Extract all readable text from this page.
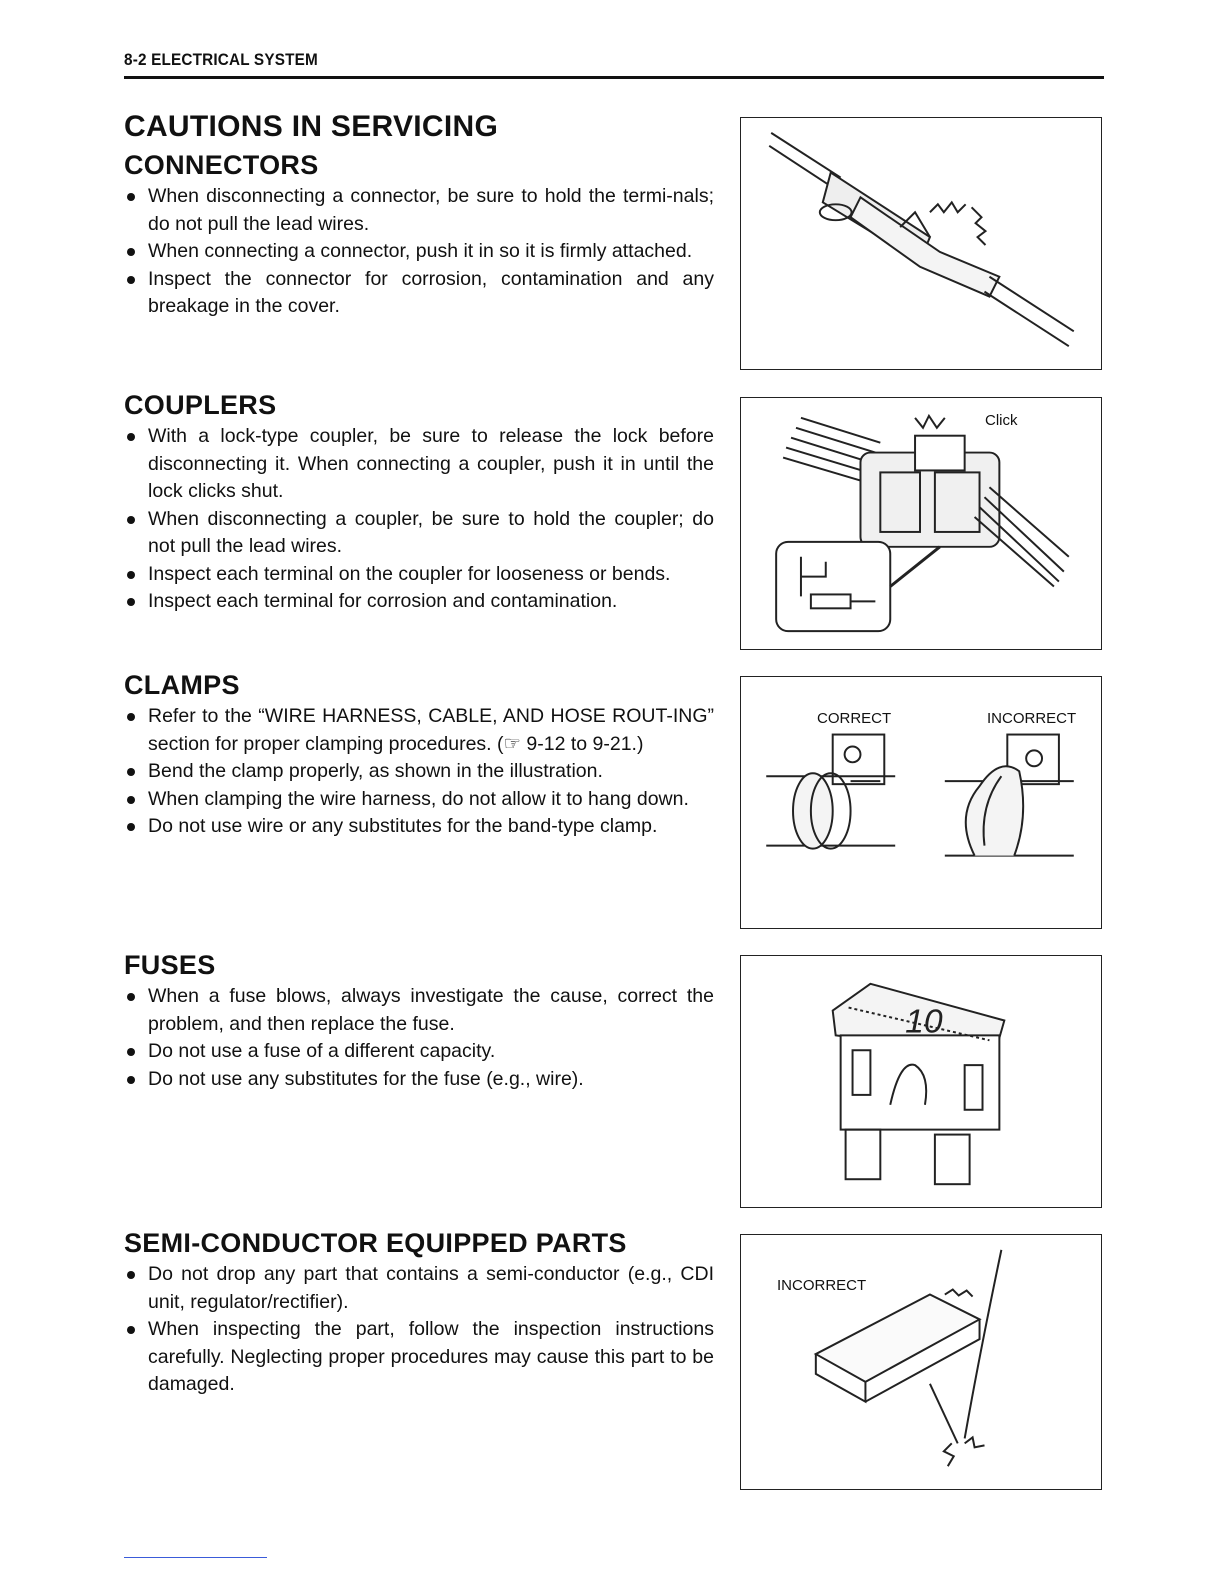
8-2 ELECTRICAL SYSTEM
CAUTIONS IN SERVICING
CONNECTORS
When disconnecting a connector, be sure to hold the termi-nals; do not pull the lead wires.
When connecting a connector, push it in so it is firmly attached.
Inspect the connector for corrosion, contamination and any breakage in the cover.
COUPLERS
With a lock-type coupler, be sure to release the lock before disconnecting it. When connecting a coupler, push it in until the lock clicks shut.
When disconnecting a coupler, be sure to hold the coupler; do not pull the lead wires.
Inspect each terminal on the coupler for looseness or bends.
Inspect each terminal for corrosion and contamination.
CLAMPS
Refer to the “WIRE HARNESS, CABLE, AND HOSE ROUT-ING” section for proper clamping procedures. (☞ 9-12 to 9-21.)
Bend the clamp properly, as shown in the illustration.
When clamping the wire harness, do not allow it to hang down.
Do not use wire or any substitutes for the band-type clamp.
FUSES
When a fuse blows, always investigate the cause, correct the problem, and then replace the fuse.
Do not use a fuse of a different capacity.
Do not use any substitutes for the fuse (e.g., wire).
SEMI-CONDUCTOR EQUIPPED PARTS
Do not drop any part that contains a semi-conductor (e.g., CDI unit, regulator/rectifier).
When inspecting the part, follow the inspection instructions carefully. Neglecting proper procedures may cause this part to be damaged.
Click
CORRECT	INCORRECT
10
INCORRECT
